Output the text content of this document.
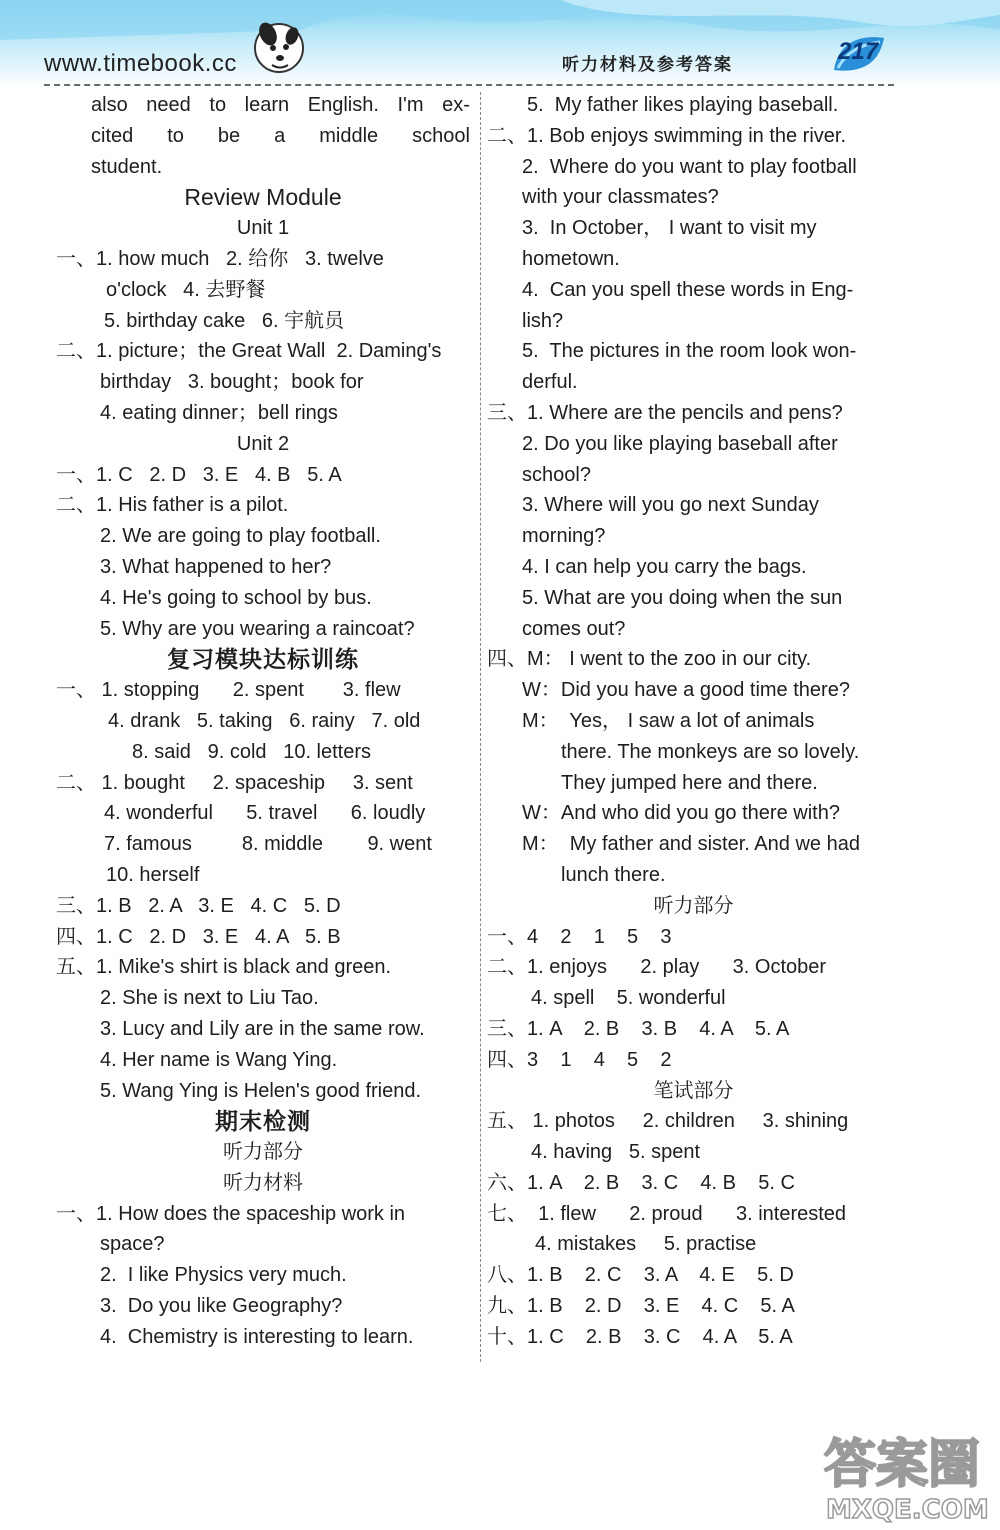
www.timebook.cc	听力材料及参考答案	217
also need to learn English. I'm ex-
cited to be a middle school
student.
Review Module
Unit 1
一、1. how much   2. 给你   3. twelve
o'clock   4. 去野餐
5. birthday cake   6. 宇航员
二、1. picture；the Great Wall  2. Daming's
birthday   3. bought；book for
4. eating dinner；bell rings
Unit 2
一、1. C   2. D   3. E   4. B   5. A
二、1. His father is a pilot.
2. We are going to play football.
3. What happened to her?
4. He's going to school by bus.
5. Why are you wearing a raincoat?
复习模块达标训练
一、 1. stopping      2. spent       3. flew
4. drank   5. taking   6. rainy   7. old
8. said   9. cold   10. letters
二、 1. bought     2. spaceship     3. sent
4. wonderful      5. travel      6. loudly
7. famous         8. middle        9. went
10. herself
三、1. B   2. A   3. E   4. C   5. D
四、1. C   2. D   3. E   4. A   5. B
五、1. Mike's shirt is black and green.
2. She is next to Liu Tao.
3. Lucy and Lily are in the same row.
4. Her name is Wang Ying.
5. Wang Ying is Helen's good friend.
期末检测
听力部分
听力材料
一、1. How does the spaceship work in
space?
2.  I like Physics very much.
3.  Do you like Geography?
4.  Chemistry is interesting to learn.
5.  My father likes playing baseball.
二、1. Bob enjoys swimming in the river.
2.  Where do you want to play football
with your classmates?
3.  In October， I want to visit my
hometown.
4.  Can you spell these words in Eng-
lish?
5.  The pictures in the room look won-
derful.
三、1. Where are the pencils and pens?
2. Do you like playing baseball after
school?
3. Where will you go next Sunday
morning?
4. I can help you carry the bags.
5. What are you doing when the sun
comes out?
四、M： I went to the zoo in our city.
W：Did you have a good time there?
M：  Yes， I saw a lot of animals
there. The monkeys are so lovely.
They jumped here and there.
W：And who did you go there with?
M：  My father and sister. And we had
lunch there.
听力部分
一、4    2    1    5    3
二、1. enjoys      2. play      3. October
4. spell    5. wonderful
三、1. A    2. B    3. B    4. A    5. A
四、3    1    4    5    2
笔试部分
五、 1. photos     2. children     3. shining
4. having   5. spent
六、1. A    2. B    3. C    4. B    5. C
七、  1. flew      2. proud      3. interested
4. mistakes     5. practise
八、1. B    2. C    3. A    4. E    5. D
九、1. B    2. D    3. E    4. C    5. A
十、1. C    2. B    3. C    4. A    5. A
答案圈
MXQE.COM
